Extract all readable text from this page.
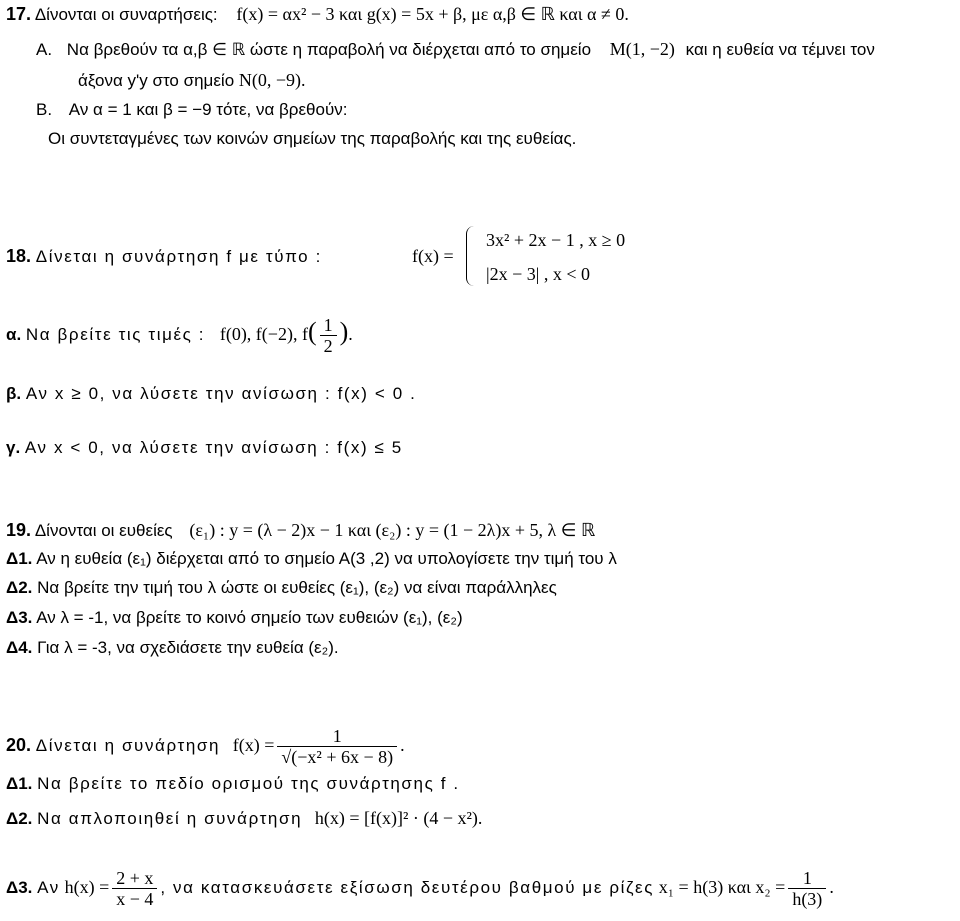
17. Δίνονται οι συναρτήσεις: f(x) = αx² − 3 και g(x) = 5x + β, με α,β ∈ ℝ και α ≠ 0.
Α. Να βρεθούν τα α,β ∈ ℝ ώστε η παραβολή να διέρχεται από το σημείο M(1, −2) και η ευθεία να τέμνει τον
άξονα y'y στο σημείο N(0, −9).
Β. Αν α = 1 και β = −9 τότε, να βρεθούν:
Οι συντεταγμένες των κοινών σημείων της παραβολής και της ευθείας.
18. Δίνεται η συνάρτηση f με τύπο :	f(x) =
3x² + 2x − 1 , x ≥ 0
|2x − 3| , x < 0
α. Να βρείτε τις τιμές : f(0), f(−2), $f( \frac{1}{2}$ ).
β. Αν x ≥ 0, να λύσετε την ανίσωση : f(x) < 0 .
γ. Αν x < 0, να λύσετε την ανίσωση : f(x) ≤ 5
19. Δίνονται οι ευθείες (ε₁) : y = (λ − 2)x − 1 και (ε₂) : y = (1 − 2λ)x + 5, λ ∈ ℝ
Δ1. Αν η ευθεία (ε₁) διέρχεται από το σημείο Α(3 ,2) να υπολογίσετε την τιμή του λ
Δ2. Να βρείτε την τιμή του λ ώστε οι ευθείες (ε₁), (ε₂) να είναι παράλληλες
Δ3. Αν λ = -1, να βρείτε το κοινό σημείο των ευθειών (ε₁), (ε₂)
Δ4. Για λ = -3, να σχεδιάσετε την ευθεία (ε₂).
20. Δίνεται η συνάρτηση $f(x) = \frac{1}{\text{√(−x² + 6x − 8)}}$ .
Δ1. Να βρείτε το πεδίο ορισμού της συνάρτησης f .
Δ2. Να απλοποιηθεί η συνάρτηση h(x) = [f(x)]² · (4 − x²).
Δ3. Αν $h(x) = \frac{2 + x}{x - 4}$ , να κατασκευάσετε εξίσωση δευτέρου βαθμού με ρίζες x₁ = h(3) και $x_2 = \frac{1}{h(3)}$ .
